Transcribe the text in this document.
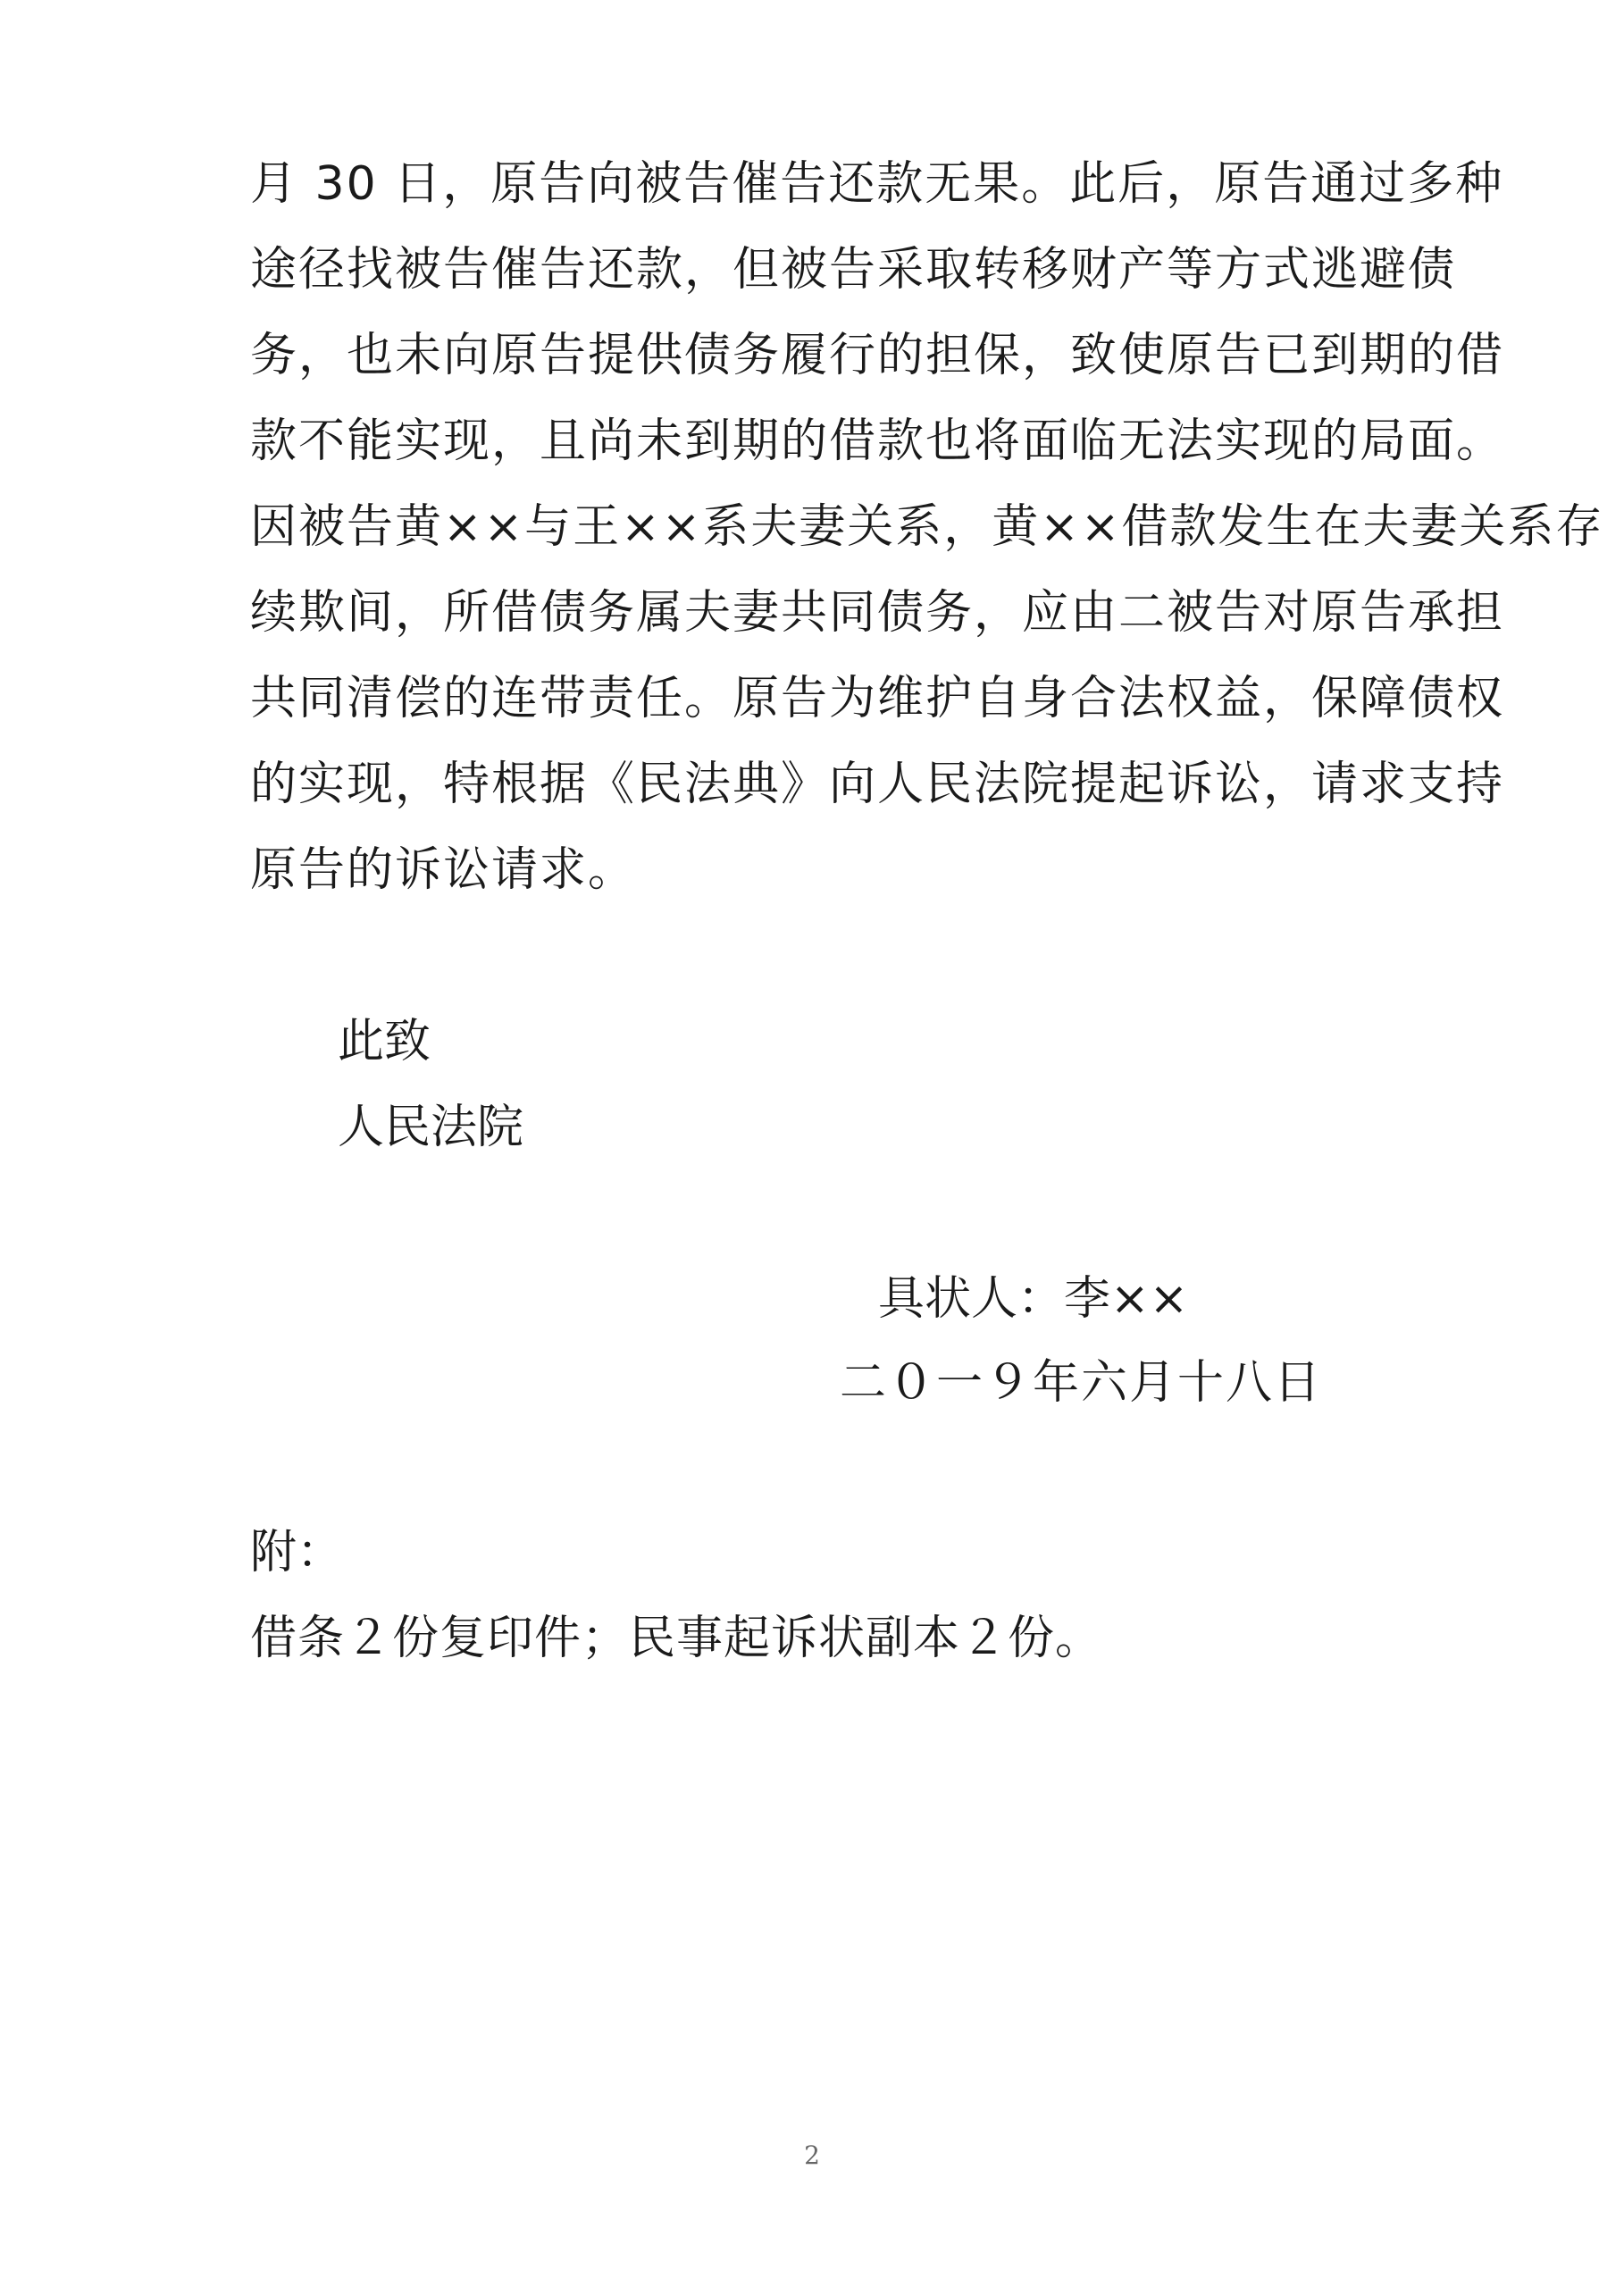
月 30 日，原告向被告催告还款无果。此后，原告通过多种
途径找被告催告还款，但被告采取转移财产等方式逃避债
务，也未向原告提供债务履行的担保，致使原告已到期的借
款不能实现，且尚未到期的借款也将面临无法实现的局面。
因被告黄××与王××系夫妻关系，黄××借款发生在夫妻关系存
续欺间，所借债务属夫妻共同债务，应由二被告对原告承担
共同清偿的连带责任。原告为维护自身合法权益，保障债权
的实现，特根据《民法典》向人民法院提起诉讼，请求支持
原告的诉讼请求。
此致
人民法院
具状人：李××
二０一９年六月十八日
附：
借条２份复印件；民事起诉状副本２份。
2
